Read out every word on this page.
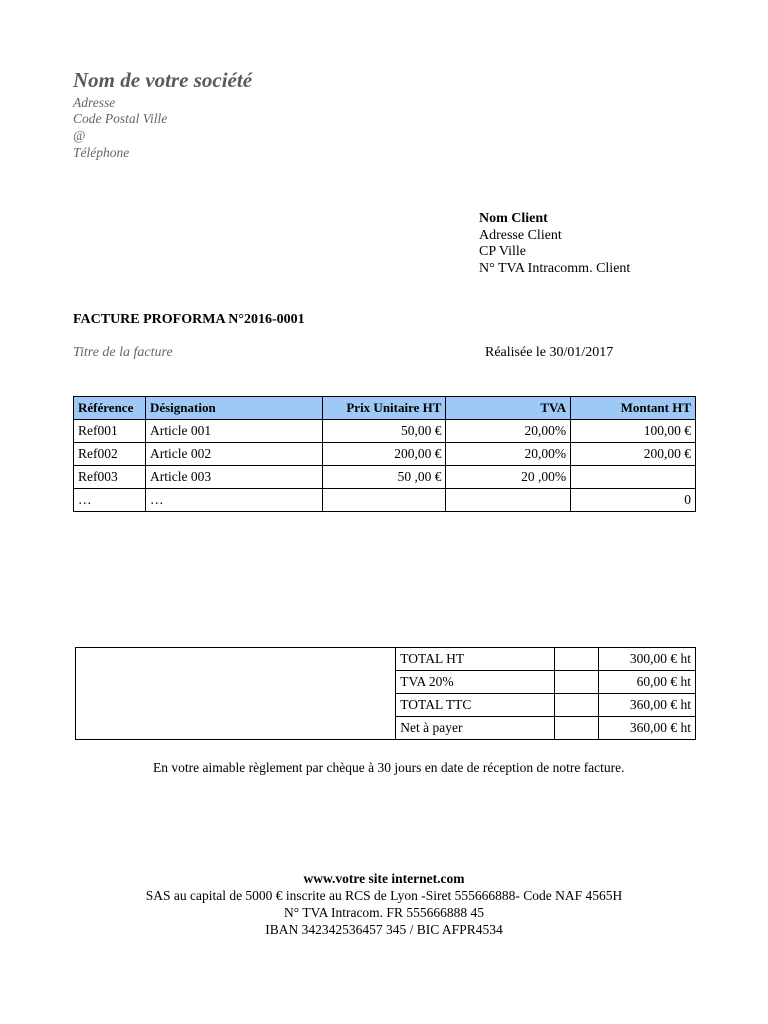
Nom de votre société
Adresse
Code Postal Ville
@
Téléphone
Nom Client
Adresse Client
CP Ville
N° TVA Intracomm. Client
FACTURE PROFORMA N°2016-0001
Titre de la facture	Réalisée le 30/01/2017
Référence	Désignation	Prix Unitaire HT	TVA	Montant HT
Ref001	Article 001	50,00 €	20,00%	100,00 €
Ref002	Article 002	200,00 €	20,00%	200,00 €
Ref003	Article 003	50 ,00 €	20 ,00%	
…	…			0
	TOTAL HT		300,00 € ht
	TVA 20%		60,00 € ht
	TOTAL TTC		360,00 € ht
	Net à payer		360,00 € ht
En votre aimable règlement par chèque à 30 jours en date de réception de notre facture.
www.votre site internet.com
SAS au capital de 5000 € inscrite au RCS de Lyon -Siret 555666888- Code NAF 4565H
N° TVA Intracom. FR 555666888 45
IBAN 342342536457 345 / BIC AFPR4534
